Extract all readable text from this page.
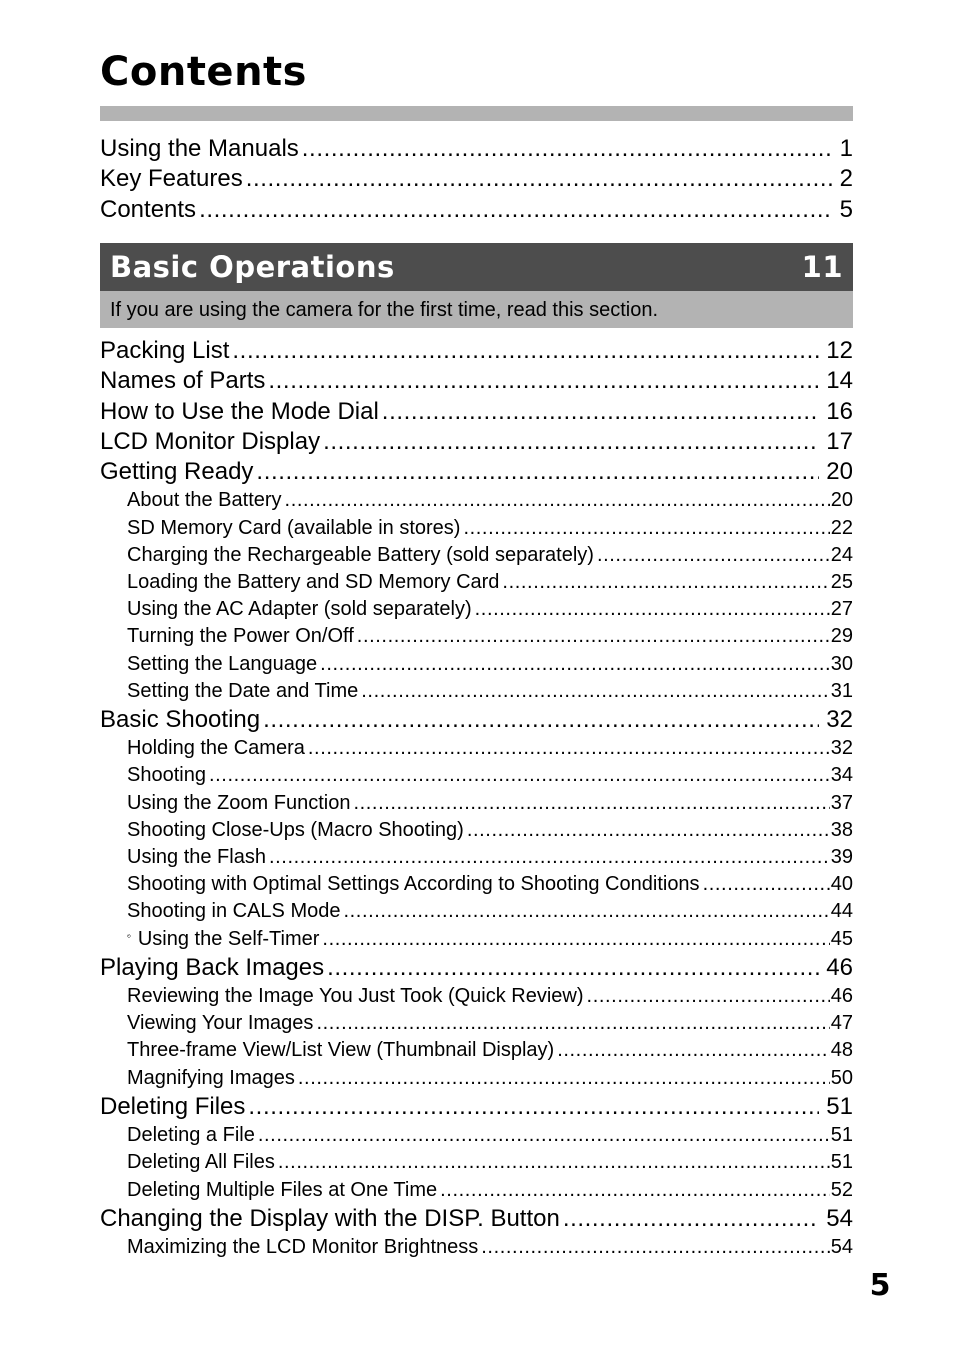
Contents
Using the Manuals .....	1
Key Features .....	2
Contents .....	5
Basic Operations	11
If you are using the camera for the first time, read this section.
Packing List .....	12
Names of Parts .....	14
How to Use the Mode Dial .....	16
LCD Monitor Display .....	17
Getting Ready .....	20
About the Battery .....	20
SD Memory Card (available in stores) .....	22
Charging the Rechargeable Battery (sold separately) .....	24
Loading the Battery and SD Memory Card .....	25
Using the AC Adapter (sold separately) .....	27
Turning the Power On/Off .....	29
Setting the Language .....	30
Setting the Date and Time .....	31
Basic Shooting .....	32
Holding the Camera .....	32
Shooting .....	34
Using the Zoom Function .....	37
Shooting Close-Ups (Macro Shooting) .....	38
Using the Flash .....	39
Shooting with Optimal Settings According to Shooting Conditions .....	40
Shooting in CALS Mode .....	44
Using the Self-Timer .....	45
Playing Back Images .....	46
Reviewing the Image You Just Took (Quick Review) .....	46
Viewing Your Images .....	47
Three-frame View/List View (Thumbnail Display) .....	48
Magnifying Images .....	50
Deleting Files .....	51
Deleting a File .....	51
Deleting All Files .....	51
Deleting Multiple Files at One Time .....	52
Changing the Display with the DISP. Button .....	54
Maximizing the LCD Monitor Brightness .....	54
5
